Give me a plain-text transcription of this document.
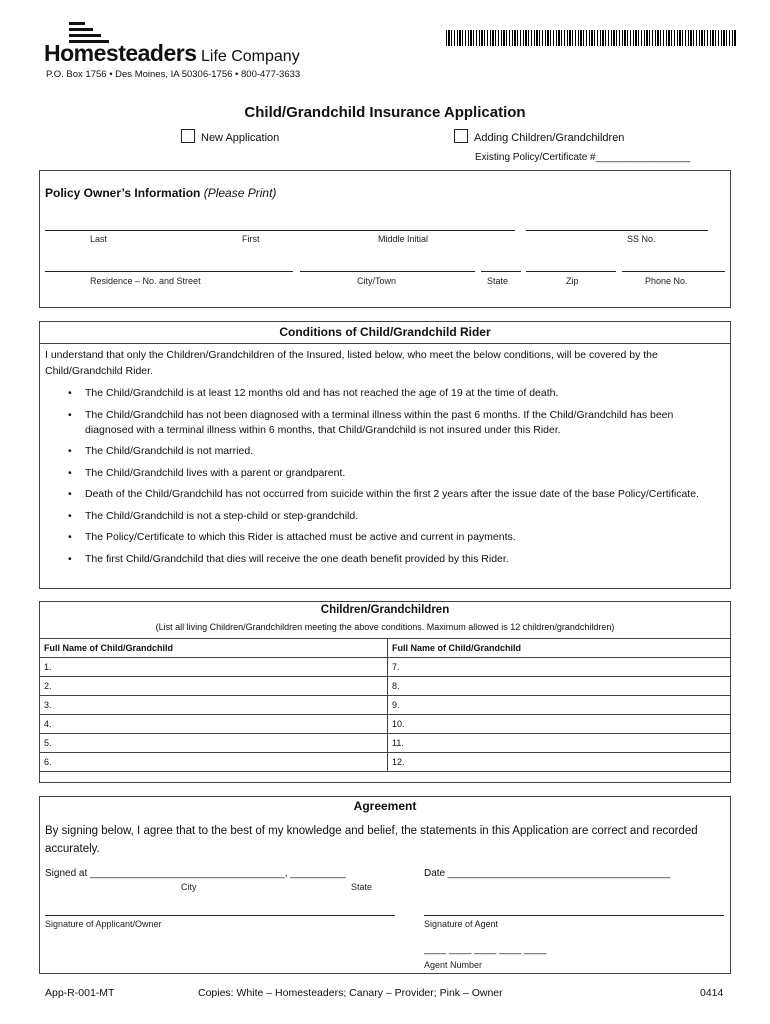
Homesteaders Life Company
P.O. Box 1756 • Des Moines, IA 50306-1756 • 800-477-3633
Child/Grandchild Insurance Application
New Application	Adding Children/Grandchildren
Existing Policy/Certificate #_________________
Policy Owner’s Information (Please Print)
Last	First	Middle Initial	SS No.
Residence – No. and Street	City/Town	State	Zip	Phone No.
Conditions of Child/Grandchild Rider
I understand that only the Children/Grandchildren of the Insured, listed below, who meet the below conditions, will be covered by the Child/Grandchild Rider.
• The Child/Grandchild is at least 12 months old and has not reached the age of 19 at the time of death.
• The Child/Grandchild has not been diagnosed with a terminal illness within the past 6 months. If the Child/Grandchild has been diagnosed with a terminal illness within 6 months, that Child/Grandchild is not insured under this Rider.
• The Child/Grandchild is not married.
• The Child/Grandchild lives with a parent or grandparent.
• Death of the Child/Grandchild has not occurred from suicide within the first 2 years after the issue date of the base Policy/Certificate.
• The Child/Grandchild is not a step-child or step-grandchild.
• The Policy/Certificate to which this Rider is attached must be active and current in payments.
• The first Child/Grandchild that dies will receive the one death benefit provided by this Rider.
Children/Grandchildren
(List all living Children/Grandchildren meeting the above conditions. Maximum allowed is 12 children/grandchildren)
Full Name of Child/Grandchild	Full Name of Child/Grandchild
1.	7.
2.	8.
3.	9.
4.	10.
5.	11.
6.	12.
Agreement
By signing below, I agree that to the best of my knowledge and belief, the statements in this Application are correct and recorded accurately.
Signed at ___________________________________, __________
City	State
Date ________________________________________
Signature of Applicant/Owner	Signature of Agent
____ ____ ____ ____ ____
Agent Number
App-R-001-MT	Copies: White – Homesteaders; Canary – Provider; Pink – Owner	0414
